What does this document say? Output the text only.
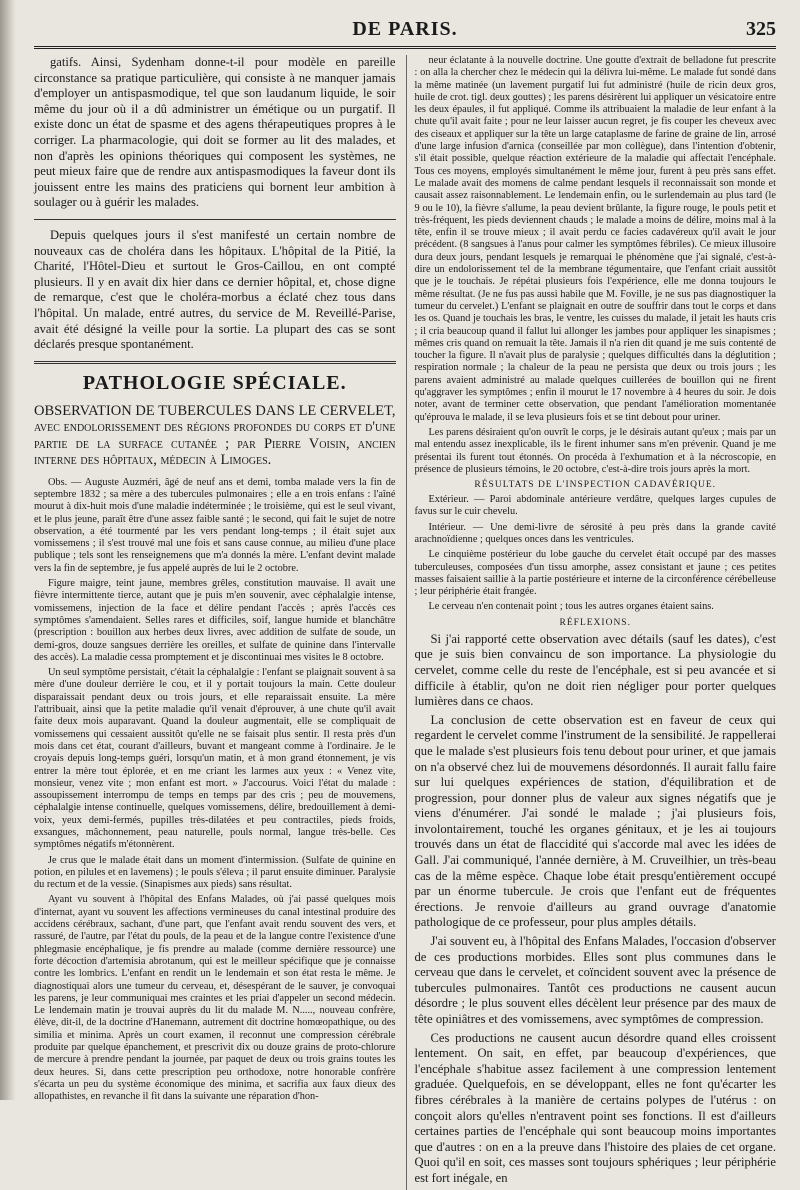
DE PARIS.	325

gatifs. Ainsi, Sydenham donne-t-il pour modèle en pareille circonstance sa pratique particulière, qui consiste à ne manquer jamais d'employer un antispasmodique, tel que son laudanum liquide, le soir même du jour où il a dû administrer un émétique ou un purgatif. Il existe donc un état de spasme et des agens thérapeutiques propres à le corriger. La pharmacologie, qui doit se former au lit des malades, et non d'après les opinions théoriques qui composent les systèmes, ne peut mieux faire que de rendre aux antispasmodiques la faveur dont ils jouissent entre les mains des praticiens qui bornent leur ambition à soulager ou à guérir les malades.

Depuis quelques jours il s'est manifesté un certain nombre de nouveaux cas de choléra dans les hôpitaux. L'hôpital de la Pitié, la Charité, l'Hôtel-Dieu et surtout le Gros-Caillou, en ont compté plusieurs. Il y en avait dix hier dans ce dernier hôpital, et, chose digne de remarque, c'est que le choléra-morbus a éclaté chez tous dans l'hôpital. Un malade, entré autres, du service de M. Reveillé-Parise, avait été désigné la veille pour la sortie. La plupart des cas se sont déclarés presque spontanément.

PATHOLOGIE SPÉCIALE.
OBSERVATION DE TUBERCULES DANS LE CERVELET, avec endolorissement des régions profondes du corps et d'une partie de la surface cutanée ; par Pierre Voisin, ancien interne des hôpitaux, médecin à Limoges.

Obs. — Auguste Auzméri, âgé de neuf ans et demi, tomba malade vers la fin de septembre 1832 ; sa mère a des tubercules pulmonaires ; elle a en trois enfans : l'aîné mourut à dix-huit mois d'une maladie indéterminée ; le troisième, qui est le seul vivant, et le plus jeune, paraît être d'une assez faible santé ; le second, qui fait le sujet de notre observation, a été tourmenté par les vers pendant long-temps ; il était sujet aux vomissemens ; il s'est trouvé mal une fois et sans cause connue, au milieu d'une place publique ; tels sont les renseignemens que m'a donnés la mère. L'enfant devint malade vers la fin de septembre, je fus appelé auprès de lui le 2 octobre.

Figure maigre, teint jaune, membres grêles, constitution mauvaise. Il avait une fièvre intermittente tierce, autant que je puis m'en souvenir, avec céphalalgie intense, vomissemens, injection de la face et délire pendant l'accès ; après l'accès ces symptômes s'amendaient. Selles rares et difficiles, soif, langue humide et blanchâtre (prescription : bouillon aux herbes deux livres, avec addition de sulfate de soude, un demi-gros, douze sangsues derrière les oreilles, et sulfate de quinine dans l'intervalle des accès). La maladie cessa promptement et je discontinuai mes visites le 8 octobre.

Un seul symptôme persistait, c'était la céphalalgie : l'enfant se plaignait souvent à sa mère d'une douleur derrière le cou, et il y portait toujours la main. Cette douleur disparaissait pendant deux ou trois jours, et elle reparaissait ensuite. La mère l'attribuait, ainsi que la petite maladie qu'il venait d'éprouver, à une chute qu'il avait faite deux mois auparavant. Quand la douleur augmentait, elle se compliquait de vomissemens qui cessaient aussitôt qu'elle ne se faisait plus sentir. Il resta près d'un mois dans cet état, courant d'ailleurs, buvant et mangeant comme à l'ordinaire. Je le croyais depuis long-temps guéri, lorsqu'un matin, et à mon grand étonnement, je vis entrer la mère tout éplorée, et en me criant les larmes aux yeux : « Venez vite, monsieur, venez vite ; mon enfant est mort. » J'accourus. Voici l'état du malade : assoupissement interrompu de temps en temps par des cris ; peu de mouvemens, céphalalgie intense continuelle, quelques vomissemens, délire, bredouillement à demi-voix, yeux demi-fermés, pupilles très-dilatées et peu contractiles, pieds froids, exsangues, mâchonnement, peau naturelle, pouls normal, langue très-belle. Ces symptômes négatifs m'étonnèrent.

Je crus que le malade était dans un moment d'intermission. (Sulfate de quinine en potion, en pilules et en lavemens) ; le pouls s'éleva ; il parut ensuite diminuer. Paralysie du rectum et de la vessie. (Sinapismes aux pieds) sans résultat.

Ayant vu souvent à l'hôpital des Enfans Malades, où j'ai passé quelques mois d'internat, ayant vu souvent les affections vermineuses du canal intestinal produire des accidens cérébraux, sachant, d'une part, que l'enfant avait rendu souvent des vers, et rassuré, de l'autre, par l'état du pouls, de la peau et de la langue contre l'existence d'une phlegmasie encéphalique, je fis prendre au malade (comme dernière ressource) une forte décoction d'artemisia abrotanum, qui est le meilleur spécifique que je connaisse contre les lombrics. L'enfant en rendit un le lendemain et son état resta le même. Je diagnostiquai alors une tumeur du cerveau, et, désespérant de le sauver, je convoquai les parens, je leur communiquai mes craintes et les priai d'appeler un second médecin. Le lendemain matin je trouvai auprès du lit du malade M. N....., nouveau confrère, élève, dit-il, de la doctrine d'Hanemann, autrement dit doctrine homœopathique, ou des similia et minima. Après un court examen, il reconnut une compression cérébrale produite par quelque épanchement, et prescrivit dix ou douze grains de proto-chlorure de mercure à prendre pendant la journée, par paquet de deux ou trois grains toutes les deux heures. Si, dans cette prescription peu orthodoxe, notre honorable confrère s'écarta un peu du système économique des minima, et sacrifia aux faux dieux des allopathistes, en revanche il fit dans la suivante une réparation d'hon-

neur éclatante à la nouvelle doctrine. Une goutte d'extrait de belladone fut prescrite : on alla la chercher chez le médecin qui la délivra lui-même. Le malade fut sondé dans la même matinée (un lavement purgatif lui fut administré (huile de ricin deux gros, huile de crot. tigl. deux gouttes) ; les parens désirèrent lui appliquer un vésicatoire entre les deux épaules, il fut appliqué. Comme ils attribuaient la maladie de leur enfant à la chute qu'il avait faite ; pour ne leur laisser aucun regret, je fis couper les cheveux avec des ciseaux et appliquer sur la tête un large cataplasme de farine de graine de lin, arrosé d'une large infusion d'arnica (conseillée par mon collègue), dans l'intention d'obtenir, s'il était possible, quelque réaction extérieure de la maladie qui affectait l'encéphale. Tous ces moyens, employés simultanément le même jour, furent à peu près sans effet. Le malade avait des momens de calme pendant lesquels il reconnaissait son monde et causait assez raisonnablement. Le lendemain enfin, ou le surlendemain au plus tard (le 9 ou le 10), la fièvre s'allume, la peau devient brûlante, la figure rouge, le pouls petit et très-fréquent, les pieds deviennent chauds ; le malade a moins de délire, moins mal à la tête, enfin il se trouve mieux ; il avait perdu ce facies cadavéreux qu'il avait le jour précédent. (8 sangsues à l'anus pour calmer les symptômes fébriles). Ce mieux illusoire dura deux jours, pendant lesquels je remarquai le phénomène que j'ai signalé, c'est-à-dire un endolorissement tel de la membrane tégumentaire, que l'enfant criait aussitôt que je le touchais. Je répétai plusieurs fois l'expérience, elle me donna toujours le même résultat. (Je ne fus pas aussi habile que M. Foville, je ne sus pas diagnostiquer la tumeur du cervelet.) L'enfant se plaignait en outre de souffrir dans tout le corps et dans les os. Quand je touchais les bras, le ventre, les cuisses du malade, il jetait les hauts cris ; il cria beaucoup quand il fallut lui allonger les jambes pour appliquer les sinapismes ; mêmes cris quand on remuait la tête. Jamais il n'a rien dit quand je me suis contenté de toucher la figure. Il n'avait plus de paralysie ; quelques difficultés dans la déglutition ; respiration normale ; la chaleur de la peau ne persista que deux ou trois jours ; les parens avaient administré au malade quelques cuillerées de bouillon qui ne firent qu'aggraver les symptômes ; enfin il mourut le 17 novembre à 4 heures du soir. Je dois noter, avant de terminer cette observation, que pendant l'amélioration momentanée qu'éprouva le malade, il se leva plusieurs fois et se tint debout pour uriner.

Les parens désiraient qu'on ouvrît le corps, je le désirais autant qu'eux ; mais par un mal entendu assez inexplicable, ils le firent inhumer sans m'en prévenir. Quand je me présentai ils furent tout étonnés. On procéda à l'exhumation et à la nécroscopie, en présence de plusieurs témoins, le 20 octobre, c'est-à-dire trois jours après la mort.

RÉSULTATS DE L'INSPECTION CADAVÉRIQUE.

Extérieur. — Paroi abdominale antérieure verdâtre, quelques larges cupules de favus sur le cuir chevelu.

Intérieur. — Une demi-livre de sérosité à peu près dans la grande cavité arachnoïdienne ; quelques onces dans les ventricules.

Le cinquième postérieur du lobe gauche du cervelet était occupé par des masses tuberculeuses, composées d'un tissu amorphe, assez consistant et jaune ; ces petites masses faisaient saillie à la partie postérieure et interne de la circonférence cérébelleuse ; leur périphérie était frangée.

Le cerveau n'en contenait point ; tous les autres organes étaient sains.

RÉFLEXIONS.

Si j'ai rapporté cette observation avec détails (sauf les dates), c'est que je suis bien convaincu de son importance. La physiologie du cervelet, comme celle du reste de l'encéphale, est si peu avancée et si difficile à établir, qu'on ne doit rien négliger pour porter quelques lumières dans ce chaos.

La conclusion de cette observation est en faveur de ceux qui regardent le cervelet comme l'instrument de la sensibilité. Je rappellerai que le malade s'est plusieurs fois tenu debout pour uriner, et que jamais on n'a observé chez lui de mouvemens désordonnés. Il aurait fallu faire sur lui quelques expériences de station, d'équilibration et de progression, pour donner plus de valeur aux signes négatifs que je viens d'énumérer. J'ai sondé le malade ; j'ai plusieurs fois, involontairement, touché les organes génitaux, et je les ai toujours trouvés dans un état de flaccidité qui s'accorde mal avec les idées de Gall. J'ai communiqué, l'année dernière, à M. Cruveilhier, un très-beau cas de la même espèce. Chaque lobe était presqu'entièrement occupé par un énorme tubercule. Je crois que l'enfant eut de fréquentes érections. Je renvoie d'ailleurs au grand ouvrage d'anatomie pathologique de ce professeur, pour plus amples détails.

J'ai souvent eu, à l'hôpital des Enfans Malades, l'occasion d'observer de ces productions morbides. Elles sont plus communes dans le cerveau que dans le cervelet, et coïncident souvent avec la présence de tubercules pulmonaires. Tantôt ces productions ne causent aucun désordre ; le plus souvent elles décèlent leur présence par des maux de tête opiniâtres et des vomissemens, avec symptômes de compression.

Ces productions ne causent aucun désordre quand elles croissent lentement. On sait, en effet, par beaucoup d'expériences, que l'encéphale s'habitue assez facilement à une compression lentement graduée. Quelquefois, en se développant, elles ne font qu'écarter les fibres cérébrales à la manière de certains polypes de l'utérus : on conçoit alors qu'elles n'entravent point ses fonctions. Il est d'ailleurs certaines parties de l'encéphale qui sont beaucoup moins importantes que d'autres : on en a la preuve dans l'histoire des plaies de cet organe. Quoi qu'il en soit, ces masses sont toujours sphériques ; leur périphérie est fort inégale, en
